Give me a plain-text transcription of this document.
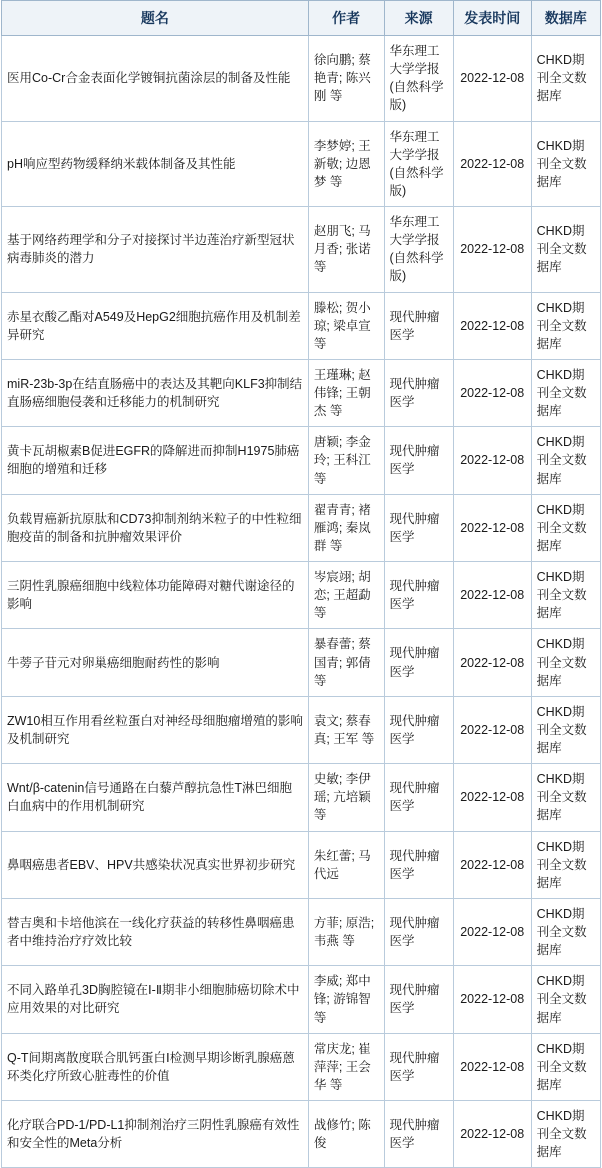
题名	作者	来源	发表时间	数据库
医用Co-Cr合金表面化学镀铜抗菌涂层的制备及性能	徐向鹏; 蔡艳青; 陈兴刚 等	华东理工大学学报(自然科学版)	2022-12-08	CHKD期刊全文数据库
pH响应型药物缓释纳米载体制备及其性能	李梦婷; 王新敬; 边恩梦 等	华东理工大学学报(自然科学版)	2022-12-08	CHKD期刊全文数据库
基于网络药理学和分子对接探讨半边莲治疗新型冠状病毒肺炎的潜力	赵朋飞; 马月香; 张诺 等	华东理工大学学报(自然科学版)	2022-12-08	CHKD期刊全文数据库
赤星衣酸乙酯对A549及HepG2细胞抗癌作用及机制差异研究	滕松; 贺小琼; 梁卓宣 等	现代肿瘤医学	2022-12-08	CHKD期刊全文数据库
miR-23b-3p在结直肠癌中的表达及其靶向KLF3抑制结直肠癌细胞侵袭和迁移能力的机制研究	王瑾琳; 赵伟锋; 王朝杰 等	现代肿瘤医学	2022-12-08	CHKD期刊全文数据库
黄卡瓦胡椒素B促进EGFR的降解进而抑制H1975肺癌细胞的增殖和迁移	唐颖; 李金玲; 王科江 等	现代肿瘤医学	2022-12-08	CHKD期刊全文数据库
负载胃癌新抗原肽和CD73抑制剂纳米粒子的中性粒细胞疫苗的制备和抗肿瘤效果评价	翟青青; 褚雁鸿; 秦岚群 等	现代肿瘤医学	2022-12-08	CHKD期刊全文数据库
三阴性乳腺癌细胞中线粒体功能障碍对糖代谢途径的影响	岑宸翊; 胡恋; 王超勐 等	现代肿瘤医学	2022-12-08	CHKD期刊全文数据库
牛蒡子苷元对卵巢癌细胞耐药性的影响	暴春蕾; 蔡国青; 郭倩 等	现代肿瘤医学	2022-12-08	CHKD期刊全文数据库
ZW10相互作用看丝粒蛋白对神经母细胞瘤增殖的影响及机制研究	袁文; 蔡春真; 王军 等	现代肿瘤医学	2022-12-08	CHKD期刊全文数据库
Wnt/β-catenin信号通路在白藜芦醇抗急性T淋巴细胞白血病中的作用机制研究	史敏; 李伊瑶; 亢培颖 等	现代肿瘤医学	2022-12-08	CHKD期刊全文数据库
鼻咽癌患者EBV、HPV共感染状况真实世界初步研究	朱红蕾; 马代远	现代肿瘤医学	2022-12-08	CHKD期刊全文数据库
替吉奥和卡培他滨在一线化疗获益的转移性鼻咽癌患者中维持治疗疗效比较	方菲; 原浩; 韦燕 等	现代肿瘤医学	2022-12-08	CHKD期刊全文数据库
不同入路单孔3D胸腔镜在Ⅰ-Ⅱ期非小细胞肺癌切除术中应用效果的对比研究	李威; 郑中锋; 游锦智 等	现代肿瘤医学	2022-12-08	CHKD期刊全文数据库
Q-T间期离散度联合肌钙蛋白Ⅰ检测早期诊断乳腺癌蒽环类化疗所致心脏毒性的价值	常庆龙; 崔萍萍; 王会华 等	现代肿瘤医学	2022-12-08	CHKD期刊全文数据库
化疗联合PD-1/PD-L1抑制剂治疗三阴性乳腺癌有效性和安全性的Meta分析	战修竹; 陈俊	现代肿瘤医学	2022-12-08	CHKD期刊全文数据库
